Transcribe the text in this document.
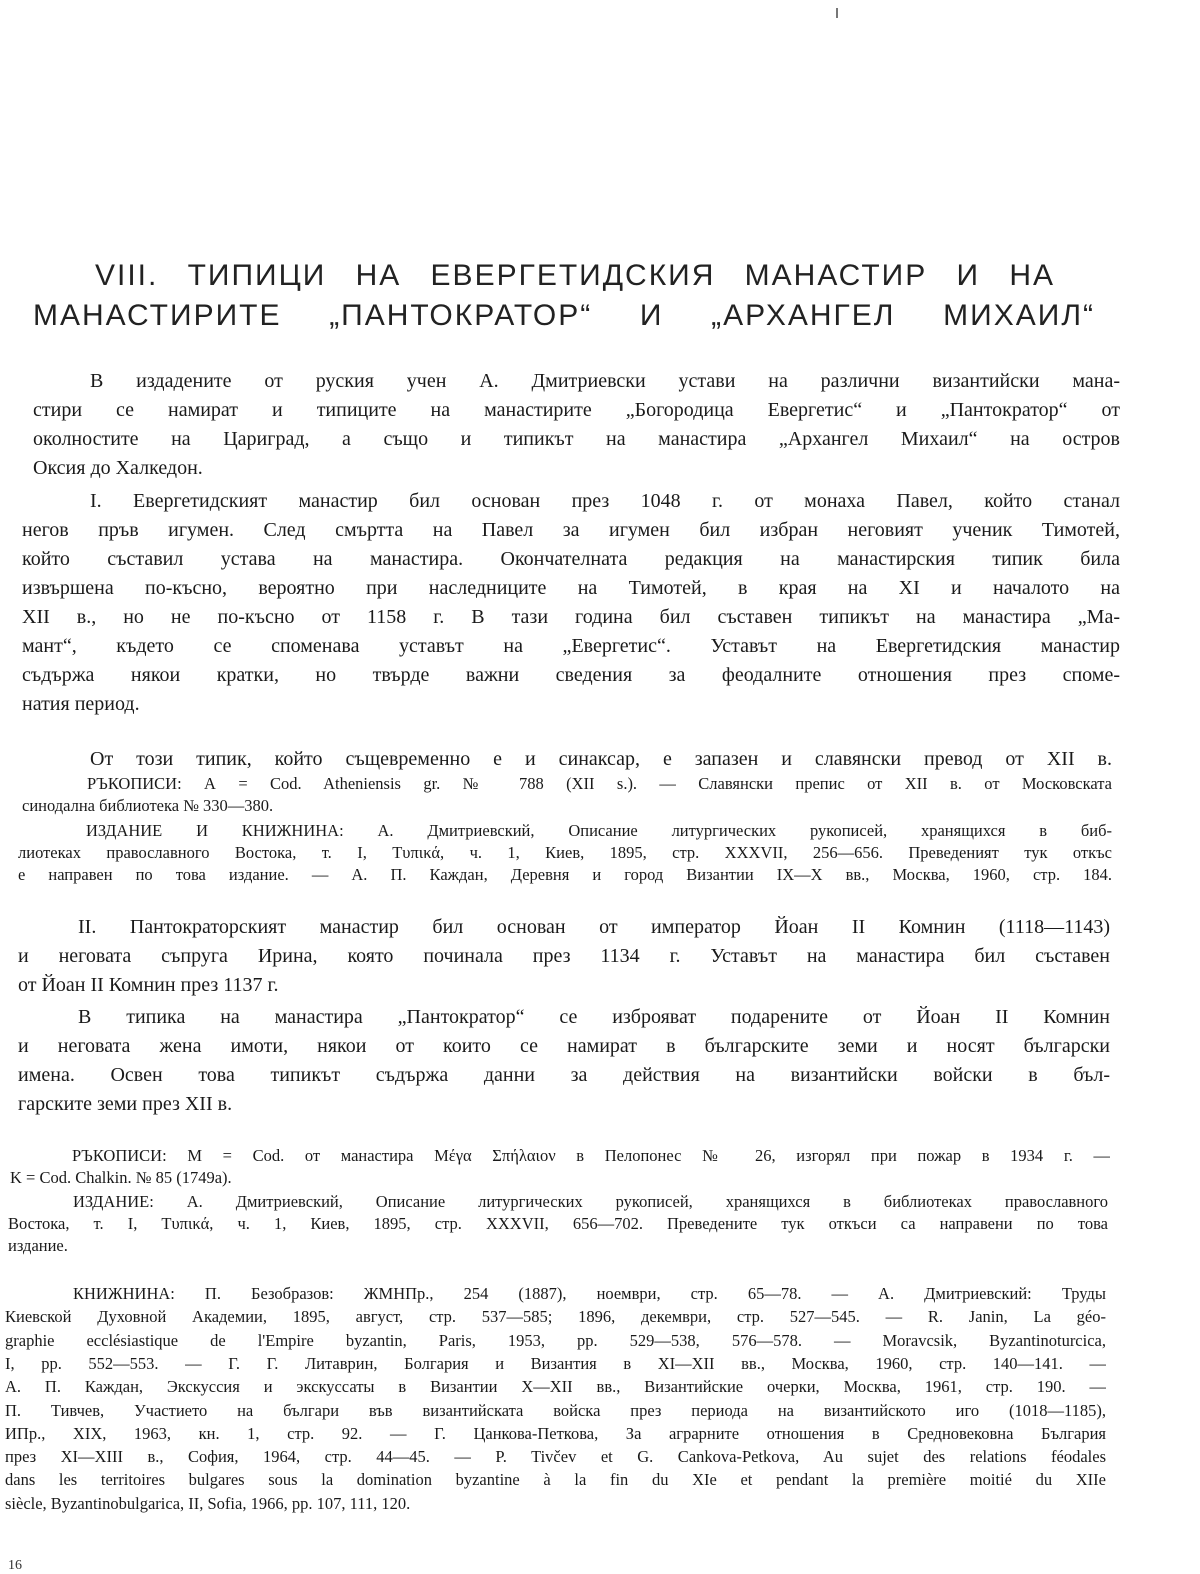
VIII. ТИПИЦИ НА ЕВЕРГЕТИДСКИЯ МАНАСТИР И НА
МАНАСТИРИТЕ „ПАНТОКРАТОР“ И „АРХАНГЕЛ МИХАИЛ“
В издадените от руския учен А. Дмитриевски устави на различни византийски мана-
стири се намират и типиците на манастирите „Богородица Евергетис“ и „Пантократор“ от
околностите на Цариград, а също и типикът на манастира „Архангел Михаил“ на остров
Оксия до Халкедон.
I. Евергетидският манастир бил основан през 1048 г. от монаха Павел, който станал
негов пръв игумен. След смъртта на Павел за игумен бил избран неговият ученик Тимотей,
който съставил устава на манастира. Окончателната редакция на манастирския типик била
извършена по-късно, вероятно при наследниците на Тимотей, в края на XI и началото на
XII в., но не по-късно от 1158 г. В тази година бил съставен типикът на манастира „Ма-
мант“, където се споменава уставът на „Евергетис“. Уставът на Евергетидския манастир
съдържа някои кратки, но твърде важни сведения за феодалните отношения през споме-
натия период.
От този типик, който същевременно е и синаксар, е запазен и славянски превод от XII в.
РЪКОПИСИ: А = Cod. Atheniensis gr. № 788 (XII s.). — Славянски препис от XII в. от Московската
синодална библиотека № 330—380.
ИЗДАНИЕ И КНИЖНИНА: А. Дмитриевский, Описание литургических рукописей, хранящихся в биб-
лиотеках православного Востока, т. I, Τυπικά, ч. 1, Киев, 1895, стр. XXXVII, 256—656. Преведеният тук откъс
е направен по това издание. — А. П. Каждан, Деревня и город Византии IX—X вв., Москва, 1960, стр. 184.
II. Пантократорският манастир бил основан от император Йоан II Комнин (1118—1143)
и неговата съпруга Ирина, която починала през 1134 г. Уставът на манастира бил съставен
от Йоан II Комнин през 1137 г.
В типика на манастира „Пантократор“ се изброяват подарените от Йоан II Комнин
и неговата жена имоти, някои от които се намират в българските земи и носят български
имена. Освен това типикът съдържа данни за действия на византийски войски в бъл-
гарските земи през XII в.
РЪКОПИСИ: M = Cod. от манастира Μέγα Σπήλαιον в Пелопонес № 26, изгорял при пожар в 1934 г. —
K = Cod. Chalkin. № 85 (1749a).
ИЗДАНИЕ: А. Дмитриевский, Описание литургических рукописей, хранящихся в библиотеках православного
Востока, т. I, Τυπικά, ч. 1, Киев, 1895, стр. XXXVII, 656—702. Преведените тук откъси са направени по това
издание.
КНИЖНИНА: П. Безобразов: ЖМНПр., 254 (1887), ноември, стр. 65—78. — А. Дмитриевский: Труды
Киевской Духовной Академии, 1895, август, стр. 537—585; 1896, декември, стр. 527—545. — R. Janin, La géo-
graphie ecclésiastique de l'Empire byzantin, Paris, 1953, pp. 529—538, 576—578. — Moravcsik, Byzantinoturcica,
I, pp. 552—553. — Г. Г. Литаврин, Болгария и Византия в XI—XII вв., Москва, 1960, стр. 140—141. —
А. П. Каждан, Экскуссия и экскуссаты в Византии X—XII вв., Византийские очерки, Москва, 1961, стр. 190. —
П. Тивчев, Участието на българи във византийската войска през периода на византийското иго (1018—1185),
ИПр., XIX, 1963, кн. 1, стр. 92. — Г. Цанкова-Петкова, За аграрните отношения в Средновековна България
през XI—XIII в., София, 1964, стр. 44—45. — P. Tivčev et G. Cankova-Petkova, Au sujet des relations féodales
dans les territoires bulgares sous la domination byzantine à la fin du XIe et pendant la première moitié du XIIe
siècle, Byzantinobulgarica, II, Sofia, 1966, pp. 107, 111, 120.
16
